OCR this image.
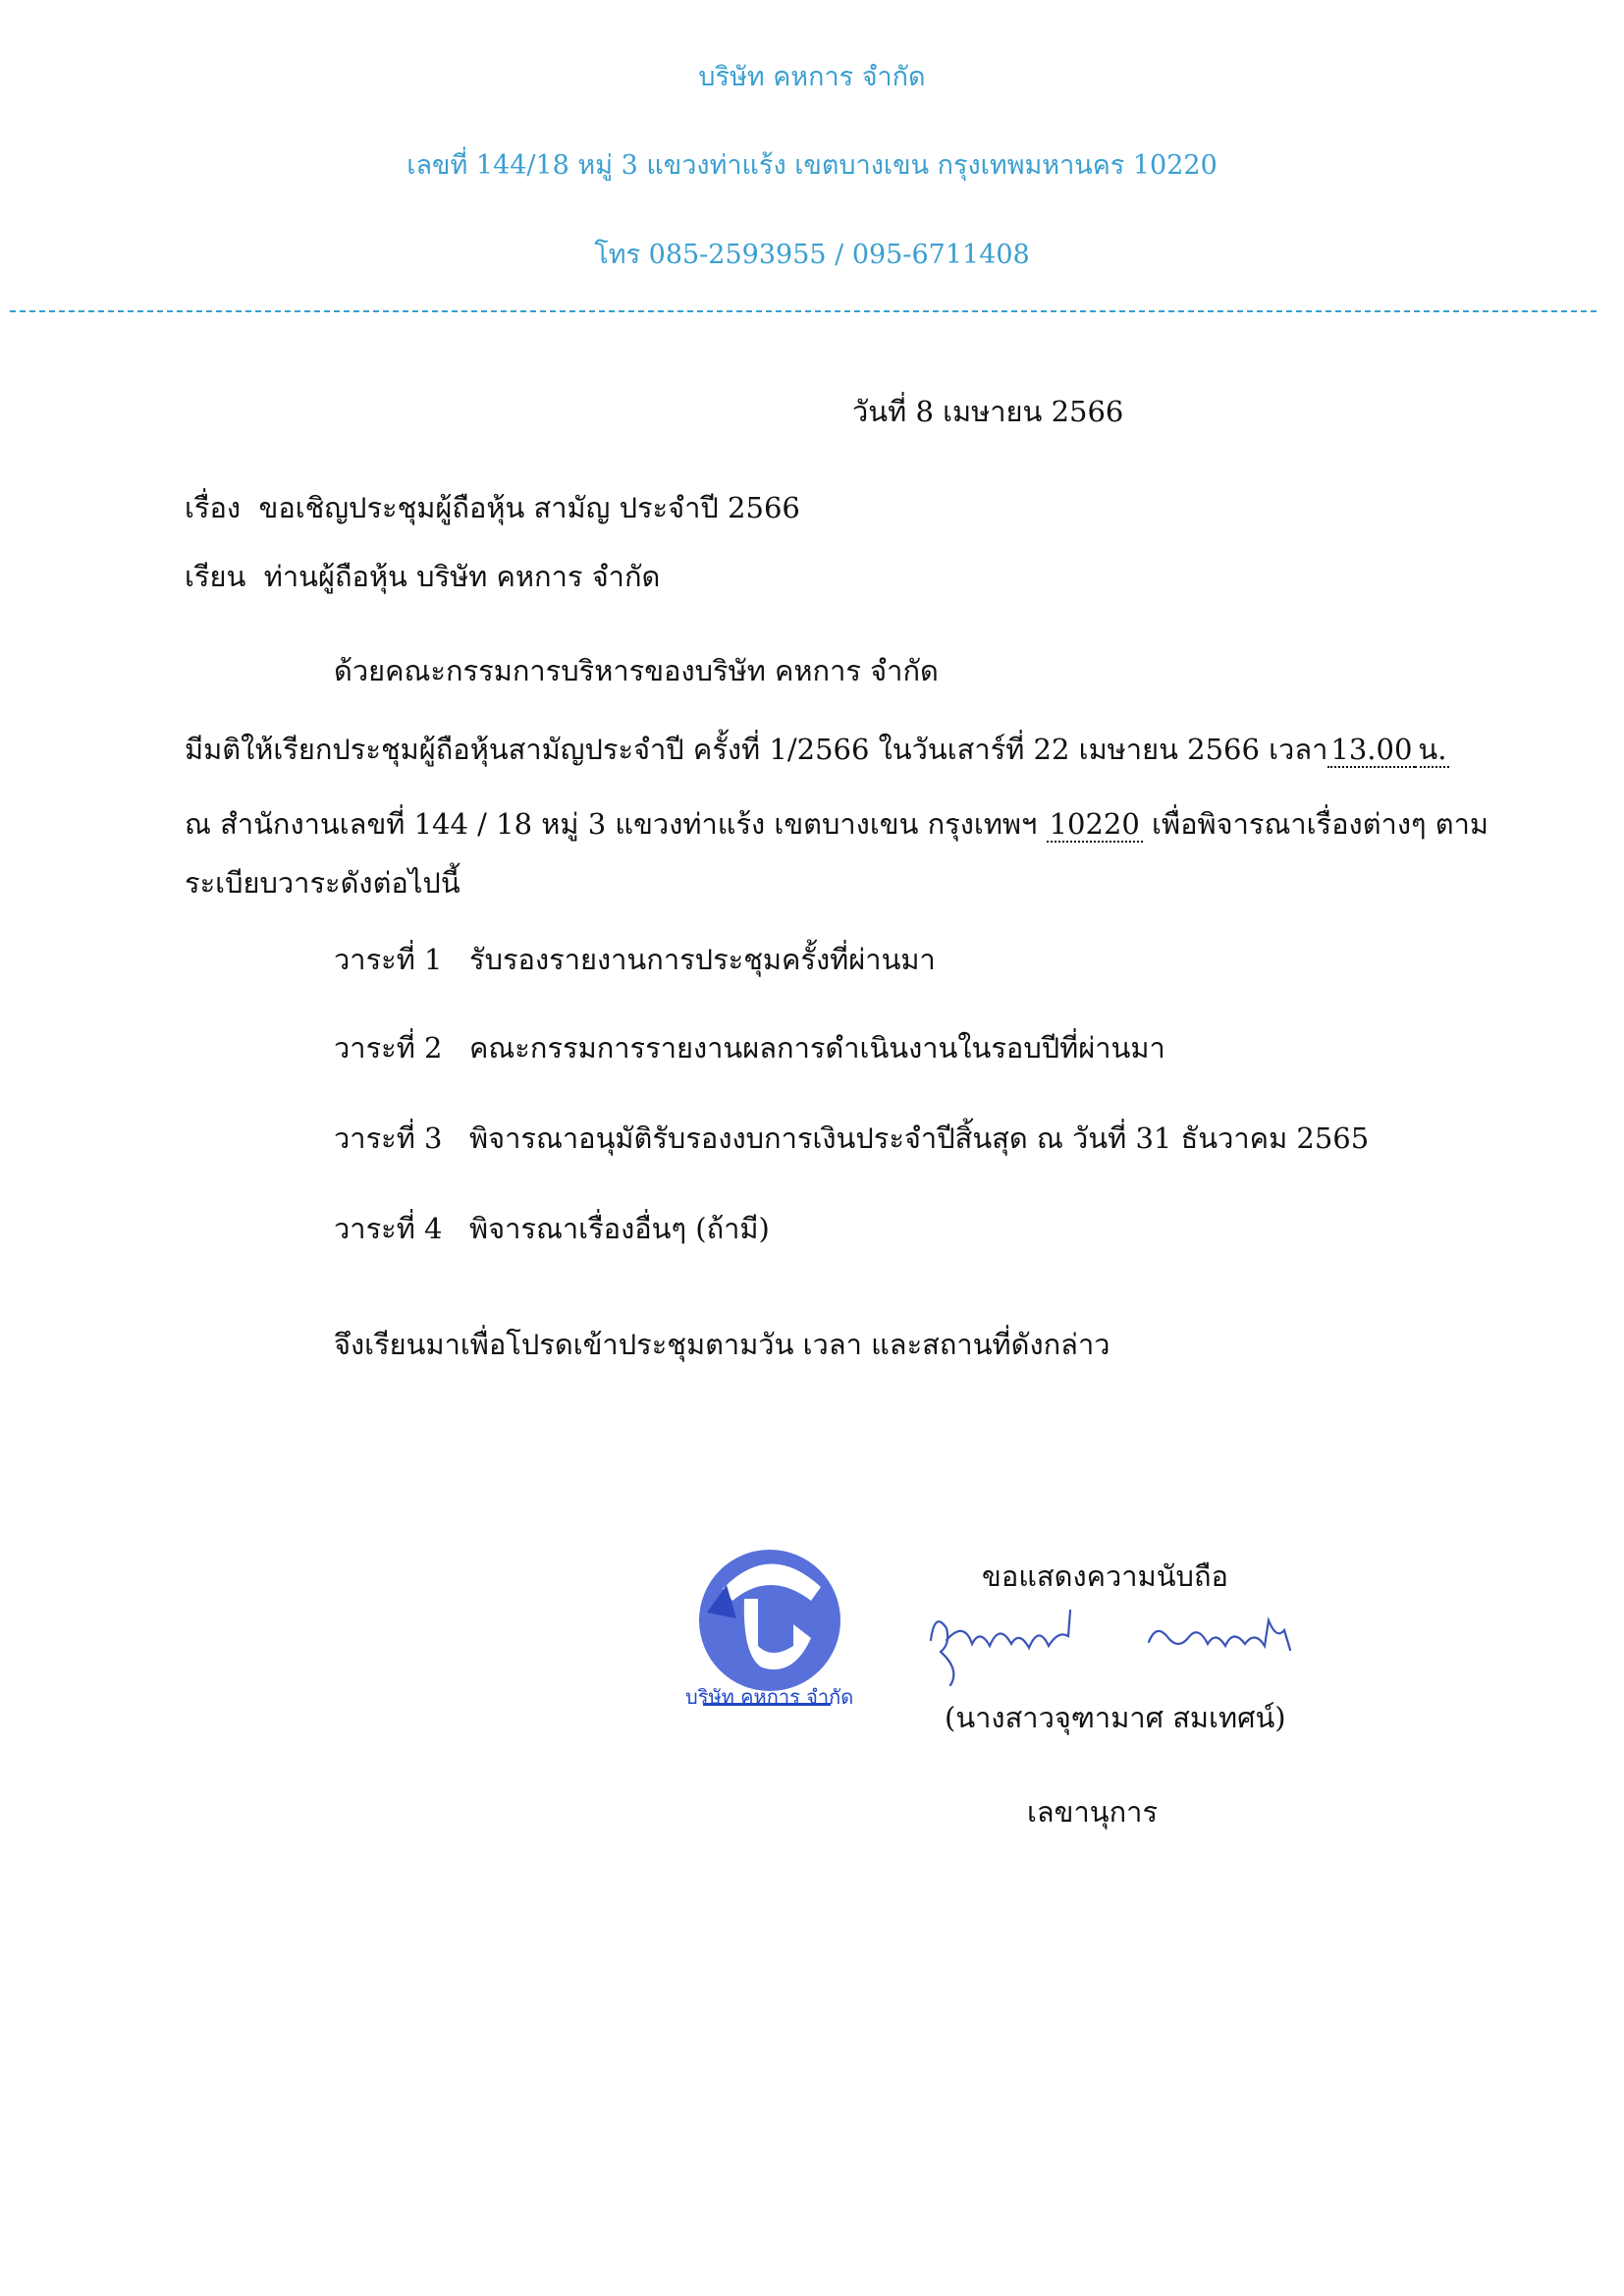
บริษัท คหการ จำกัด
เลขที่ 144/18 หมู่ 3 แขวงท่าแร้ง เขตบางเขน กรุงเทพมหานคร 10220
โทร 085-2593955 / 095-6711408
วันที่ 8 เมษายน 2566
เรื่อง ขอเชิญประชุมผู้ถือหุ้น สามัญ ประจำปี 2566
เรียน ท่านผู้ถือหุ้น บริษัท คหการ จำกัด
ด้วยคณะกรรมการบริหารของบริษัท คหการ จำกัด
มีมติให้เรียกประชุมผู้ถือหุ้นสามัญประจำปี ครั้งที่ 1/2566 ในวันเสาร์ที่ 22 เมษายน 2566 เวลา 13.00 น.
ณ สำนักงานเลขที่ 144 / 18 หมู่ 3 แขวงท่าแร้ง เขตบางเขน กรุงเทพฯ 10220 เพื่อพิจารณาเรื่องต่างๆ ตาม
ระเบียบวาระดังต่อไปนี้
วาระที่ 1 รับรองรายงานการประชุมครั้งที่ผ่านมา
วาระที่ 2 คณะกรรมการรายงานผลการดำเนินงานในรอบปีที่ผ่านมา
วาระที่ 3 พิจารณาอนุมัติรับรองงบการเงินประจำปีสิ้นสุด ณ วันที่ 31 ธันวาคม 2565
วาระที่ 4 พิจารณาเรื่องอื่นๆ (ถ้ามี)
จึงเรียนมาเพื่อโปรดเข้าประชุมตามวัน เวลา และสถานที่ดังกล่าว
บริษัท คหการ จำกัด
ขอแสดงความนับถือ
(นางสาวจุฑามาศ สมเทศน์)
เลขานุการ
